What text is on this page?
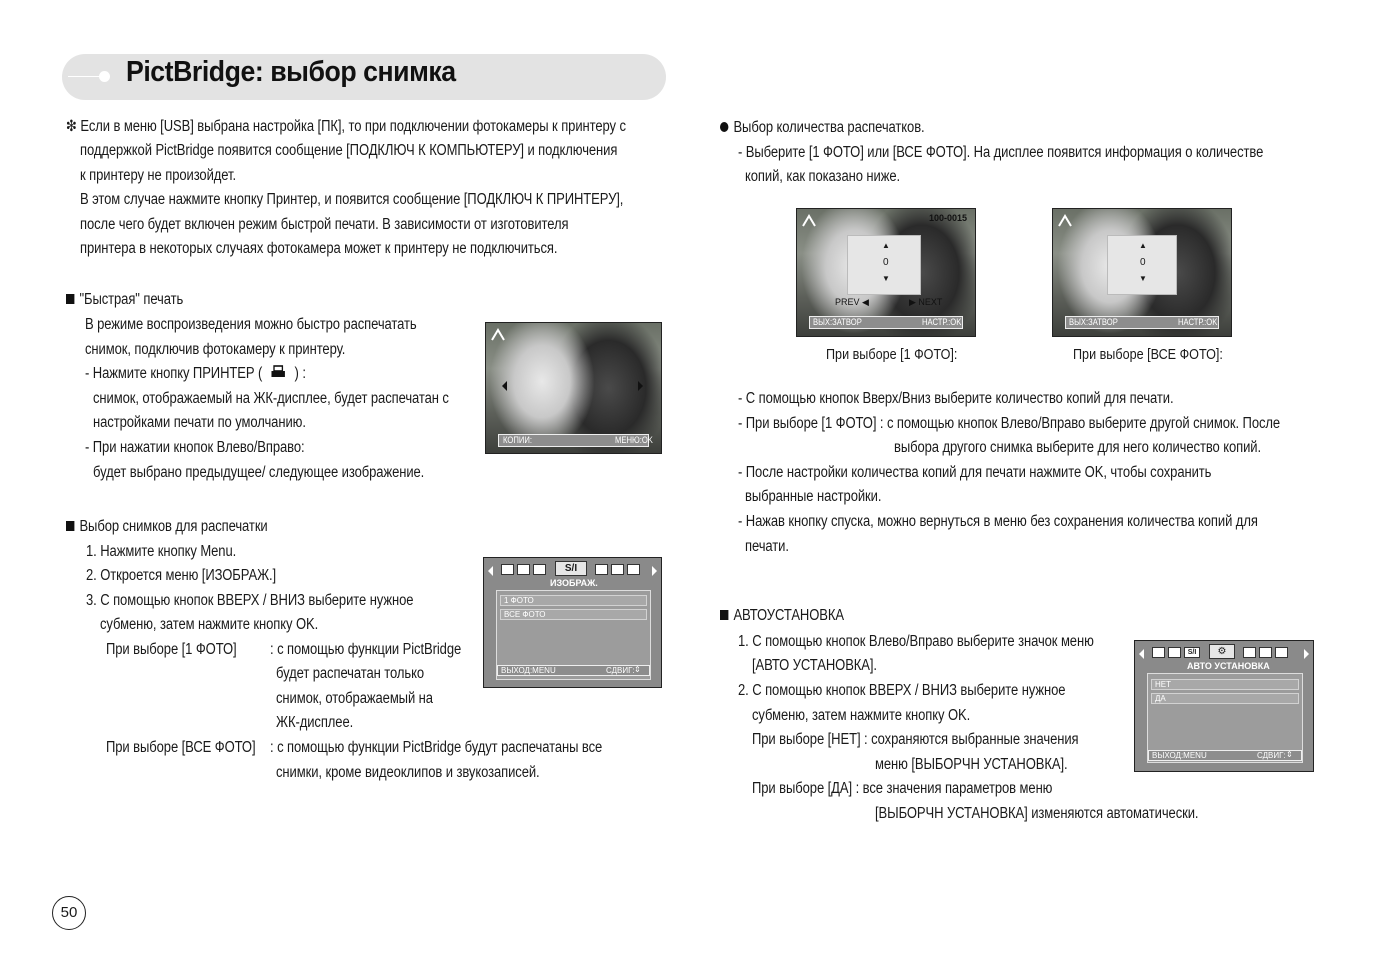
PictBridge: выбор снимка
❇ Если в меню [USB] выбрана настройка [ПК], то при подключении фотокамеры к принтеру с
поддержкой PictBridge появится сообщение [ПОДКЛЮЧ К КОМПЬЮТЕРУ] и подключения
к принтеру не произойдет.
В этом случае нажмите кнопку Принтер, и появится сообщение [ПОДКЛЮЧ К ПРИНТЕРУ],
после чего будет включен режим быстрой печати. В зависимости от изготовителя
принтера в некоторых случаях фотокамера может к принтеру не подключиться.
"Быстрая" печать
В режиме воспроизведения можно быстро распечатать
снимок, подключив фотокамеру к принтеру.
- Нажмите кнопку ПРИНТЕР ( ) :
снимок, отображаемый на ЖК-дисплее, будет распечатан с
настройками печати по умолчанию.
- При нажатии кнопок Влево/Вправо:
будет выбрано предыдущее/ следующее изображение.
КОПИИ:	МЕНЮ:OK
Выбор снимков для распечатки
1. Нажмите кнопку Menu.
2. Откроется меню [ИЗОБРАЖ.]
3. С помощью кнопок ВВЕРХ / ВНИЗ выберите нужное
субменю, затем нажмите кнопку OK.
При выборе [1 ФОТО] : с помощью функции PictBridge
будет распечатан только
снимок, отображаемый на
ЖК-дисплее.
При выборе [ВСЕ ФОТО] : с помощью функции PictBridge будут распечатаны все
снимки, кроме видеоклипов и звукозаписей.
S/I
ИЗОБРАЖ.
1 ФОТО
ВСЕ ФОТО
ВЫХОД:MENU	СДВИГ: ⇕
Выбор количества распечатков.
- Выберите [1 ФОТО] или [ВСЕ ФОТО]. На дисплее появится информация о количестве
копий, как показано ниже.
100-0015
▲
0
▼
PREV ◀	▶ NEXT
ВЫХ:ЗАТВОР	НАСТР.:OK
При выборе [1 ФОТО]:
▲
0
▼
ВЫХ:ЗАТВОР	НАСТР.:OK
При выборе [ВСЕ ФОТО]:
- С помощью кнопок Вверх/Вниз выберите количество копий для печати.
- При выборе [1 ФОТО] : с помощью кнопок Влево/Вправо выберите другой снимок. После
выбора другого снимка выберите для него количество копий.
- После настройки количества копий для печати нажмите OK, чтобы сохранить
выбранные настройки.
- Нажав кнопку спуска, можно вернуться в меню без сохранения количества копий для
печати.
АВТОУСТАНОВКА
1. С помощью кнопок Влево/Вправо выберите значок меню
[АВТО УСТАНОВКА].
2. С помощью кнопок ВВЕРХ / ВНИЗ выберите нужное
субменю, затем нажмите кнопку OK.
При выборе [НЕТ] : сохраняются выбранные значения
меню [ВЫБОРЧН УСТАНОВКА].
При выборе [ДА] : все значения параметров меню
[ВЫБОРЧН УСТАНОВКА] изменяются автоматически.
S/I	⚙
АВТО УСТАНОВКА
НЕТ
ДА
ВЫХОД:MENU	СДВИГ: ⇕
50
